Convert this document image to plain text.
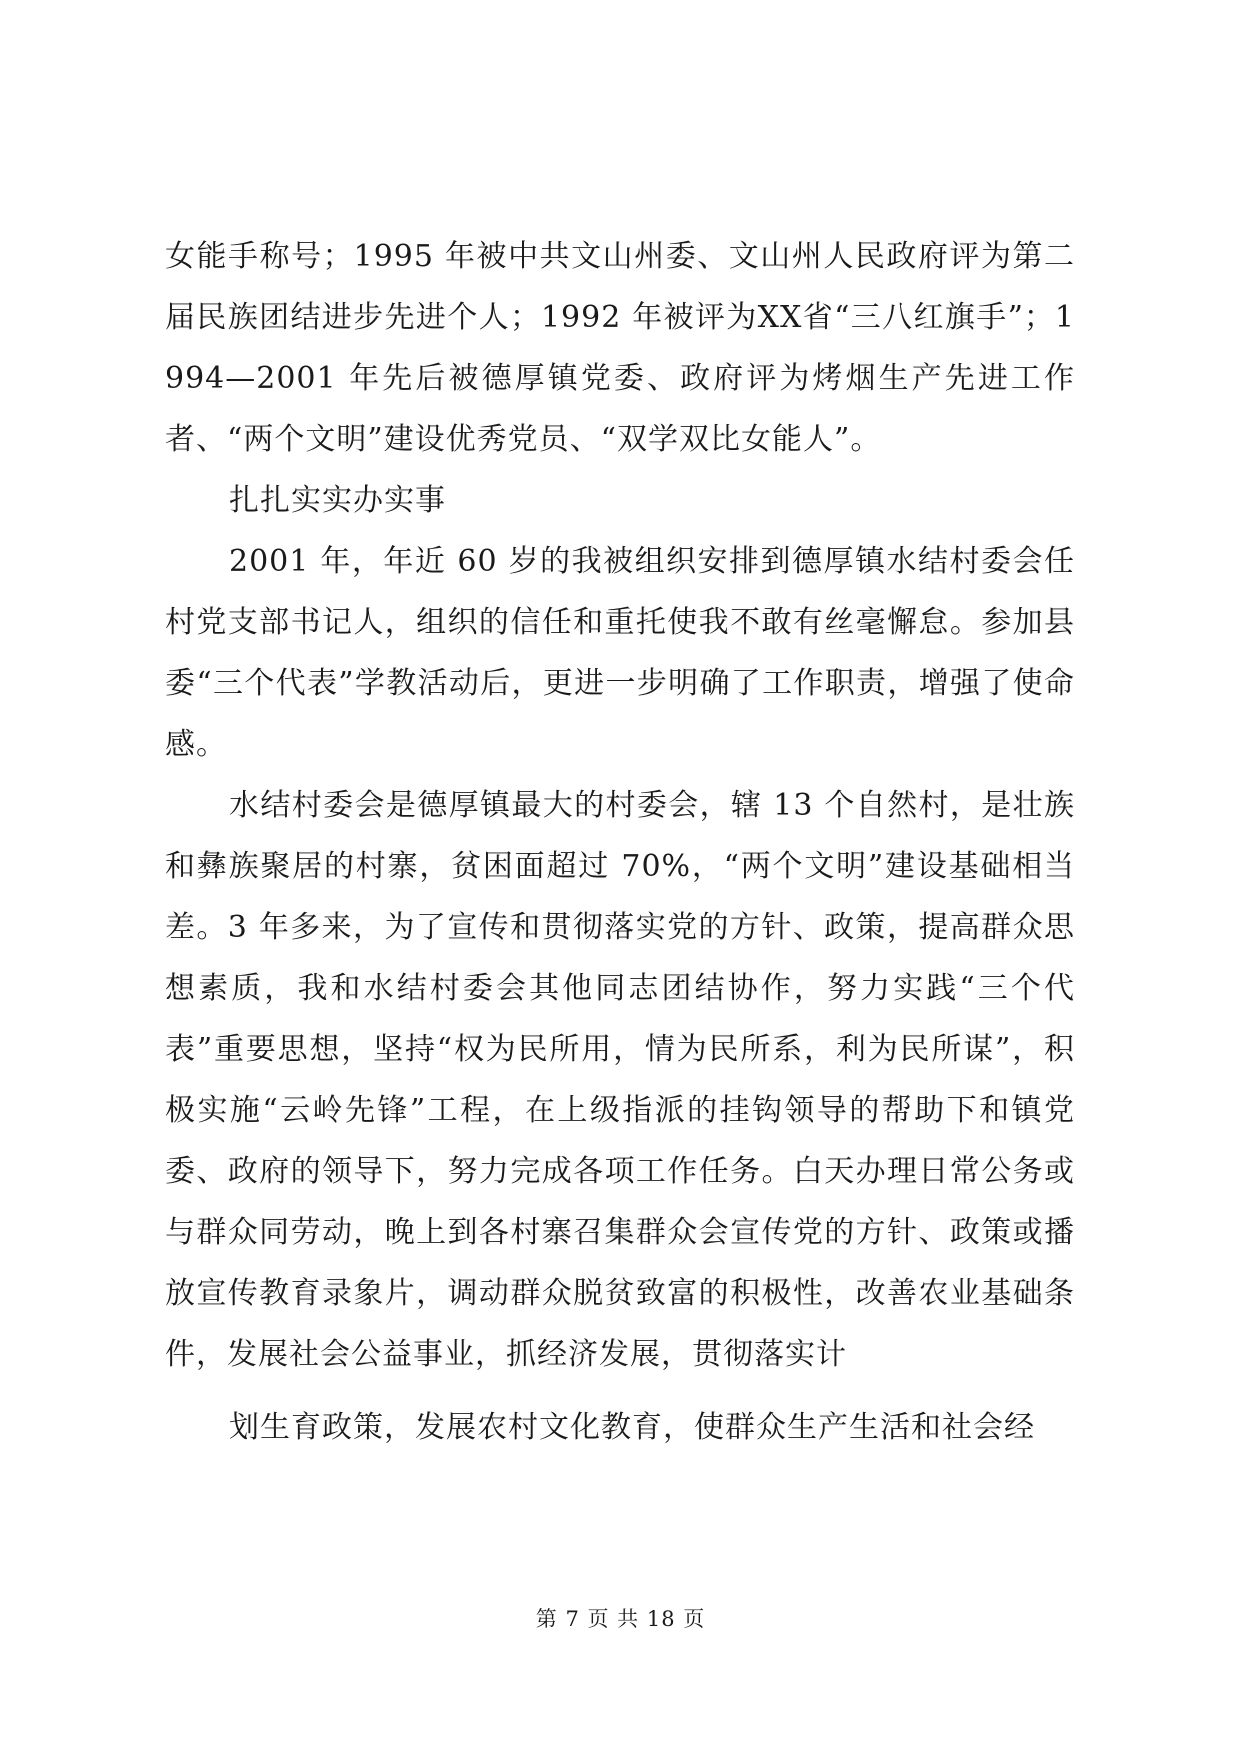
女能手称号；1995 年被中共文山州委、文山州人民政府评为第二届民族团结进步先进个人；1992 年被评为XX省“三八红旗手”；1994—2001 年先后被德厚镇党委、政府评为烤烟生产先进工作者、“两个文明”建设优秀党员、“双学双比女能人”。

扎扎实实办实事

2001 年，年近 60 岁的我被组织安排到德厚镇水结村委会任村党支部书记人，组织的信任和重托使我不敢有丝毫懈怠。参加县委“三个代表”学教活动后，更进一步明确了工作职责，增强了使命感。

水结村委会是德厚镇最大的村委会，辖 13 个自然村，是壮族和彝族聚居的村寨，贫困面超过 70%，“两个文明”建设基础相当差。3 年多来，为了宣传和贯彻落实党的方针、政策，提高群众思想素质，我和水结村委会其他同志团结协作，努力实践“三个代表”重要思想，坚持“权为民所用，情为民所系，利为民所谋”，积极实施“云岭先锋”工程，在上级指派的挂钩领导的帮助下和镇党委、政府的领导下，努力完成各项工作任务。白天办理日常公务或与群众同劳动，晚上到各村寨召集群众会宣传党的方针、政策或播放宣传教育录象片，调动群众脱贫致富的积极性，改善农业基础条件，发展社会公益事业，抓经济发展，贯彻落实计

划生育政策，发展农村文化教育，使群众生产生活和社会经

第 7 页 共 18 页
